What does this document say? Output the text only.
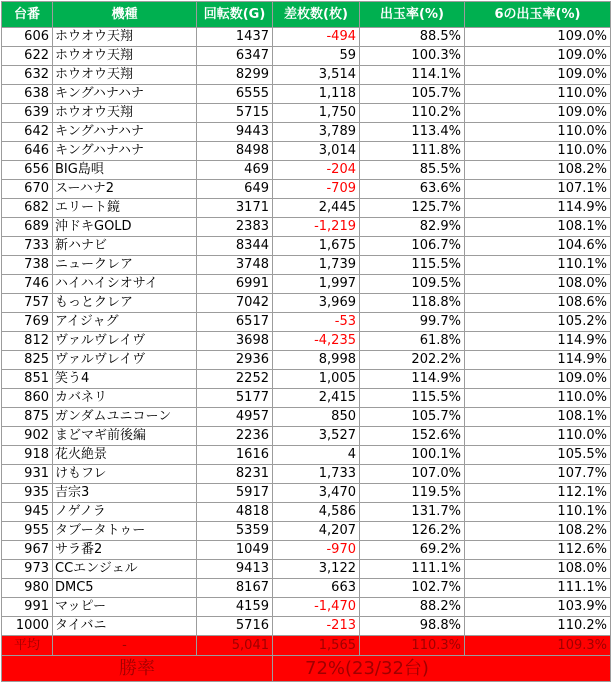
台番	機種	回転数(G)	差枚数(枚)	出玉率(%)	6の出玉率(%)
606	ホウオウ天翔	1437	-494	88.5%	109.0%
622	ホウオウ天翔	6347	59	100.3%	109.0%
632	ホウオウ天翔	8299	3,514	114.1%	109.0%
638	キングハナハナ	6555	1,118	105.7%	110.0%
639	ホウオウ天翔	5715	1,750	110.2%	109.0%
642	キングハナハナ	9443	3,789	113.4%	110.0%
646	キングハナハナ	8498	3,014	111.8%	110.0%
656	BIG島唄	469	-204	85.5%	108.2%
670	スーハナ2	649	-709	63.6%	107.1%
682	エリート鏡	3171	2,445	125.7%	114.9%
689	沖ドキGOLD	2383	-1,219	82.9%	108.1%
733	新ハナビ	8344	1,675	106.7%	104.6%
738	ニュークレア	3748	1,739	115.5%	110.1%
746	ハイハイシオサイ	6991	1,997	109.5%	108.0%
757	もっとクレア	7042	3,969	118.8%	108.6%
769	アイジャグ	6517	-53	99.7%	105.2%
812	ヴァルヴレイヴ	3698	-4,235	61.8%	114.9%
825	ヴァルヴレイヴ	2936	8,998	202.2%	114.9%
851	笑う4	2252	1,005	114.9%	109.0%
860	カバネリ	5177	2,415	115.5%	110.0%
875	ガンダムユニコーン	4957	850	105.7%	108.1%
902	まどマギ前後編	2236	3,527	152.6%	110.0%
918	花火絶景	1616	4	100.1%	105.5%
931	けもフレ	8231	1,733	107.0%	107.7%
935	吉宗3	5917	3,470	119.5%	112.1%
945	ノゲノラ	4818	4,586	131.7%	110.1%
955	タブータトゥー	5359	4,207	126.2%	108.2%
967	サラ番2	1049	-970	69.2%	112.6%
973	CCエンジェル	9413	3,122	111.1%	108.0%
980	DMC5	8167	663	102.7%	111.1%
991	マッピー	4159	-1,470	88.2%	103.9%
1000	タイバニ	5716	-213	98.8%	110.2%
平均	-	5,041	1,565	110.3%	109.3%
勝率			72%(23/32台)		
